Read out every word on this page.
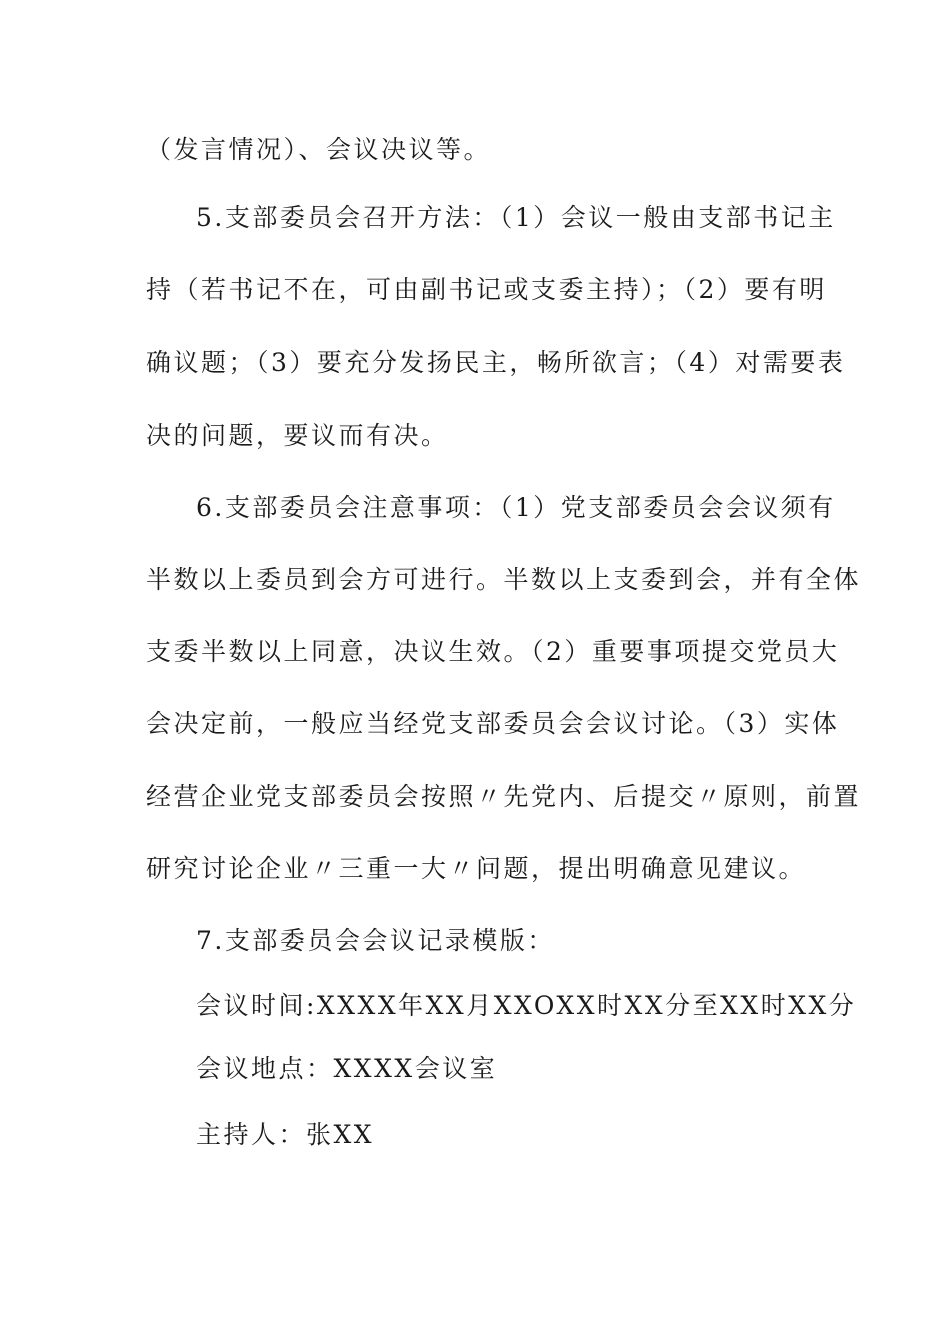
（发言情况）、会议决议等。

5.支部委员会召开方法：（1）会议一般由支部书记主

持（若书记不在，可由副书记或支委主持）；（2）要有明

确议题；（3）要充分发扬民主，畅所欲言；（4）对需要表

决的问题，要议而有决。

6.支部委员会注意事项：（1）党支部委员会会议须有

半数以上委员到会方可进行。半数以上支委到会，并有全体

支委半数以上同意，决议生效。（2）重要事项提交党员大

会决定前，一般应当经党支部委员会会议讨论。（3）实体

经营企业党支部委员会按照〃先党内、后提交〃原则，前置

研究讨论企业〃三重一大〃问题，提出明确意见建议。

7.支部委员会会议记录模版：

会议时间:XXXX年XX月XXOXX时XX分至XX时XX分

会议地点：XXXX会议室

主持人：张XX
